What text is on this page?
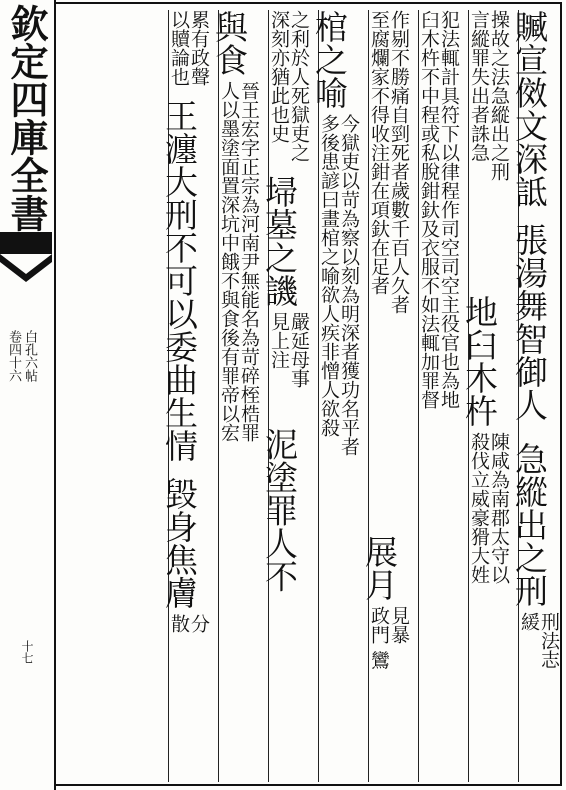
欽定四庫全書
白孔六帖
卷四十六
十七
贓宣傚文深詆 張湯舞智御人 急縱出之刑 刑法志 緩
操故之法急縱出之刑
言縱罪失出者誅急 地臼木杵 陳咸為南郡太守以
殺伐立威豪猾大姓
犯法輒計具符下以律程作司空司空主役官也為地
臼木杵不中程或私脫鉗釱及衣服不如法輒加罪督
作剔不勝痛自剄死者歲數千百人久者
至腐爛家不得收注鉗在項釱在足者 展月 見暴
政門 鸞
棺之喻 今獄吏以苛為察以刻為明深者獲功名平者
多後患諺曰畫棺之喻欲人疾非憎人欲殺
之利於人死獄吏之
深刻亦猶此也史 埽墓之譏 嚴延母事
見上注 泥塗罪人不
與食 晉王宏字正宗為河南尹無能名為苛碎桎梏罪
人以墨塗面置深坑中餓不與食後有罪帝以宏
累有政聲
以贖論也 王瀍大刑不可以委曲生情 毀身焦膚 分
散
